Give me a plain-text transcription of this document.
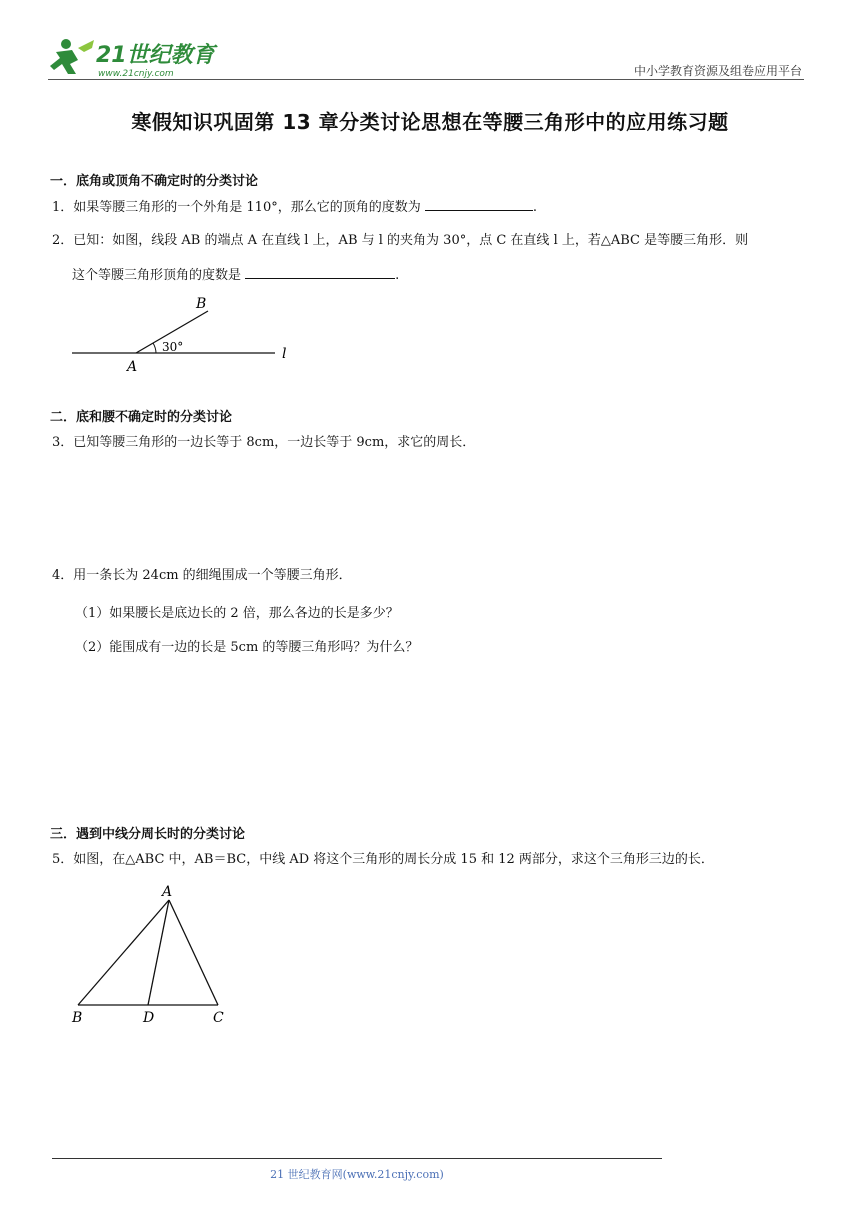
21世纪教育
www.21cnjy.com	中小学教育资源及组卷应用平台
寒假知识巩固第 13 章分类讨论思想在等腰三角形中的应用练习题
一．底角或顶角不确定时的分类讨论
1．如果等腰三角形的一个外角是 110°，那么它的顶角的度数为	.
2．已知：如图，线段 AB 的端点 A 在直线 l 上，AB 与 l 的夹角为 30°，点 C 在直线 l 上，若△ABC 是等腰三角形．则
这个等腰三角形顶角的度数是	.
B
A
l
30°
二．底和腰不确定时的分类讨论
3．已知等腰三角形的一边长等于 8cm，一边长等于 9cm，求它的周长．
4．用一条长为 24cm 的细绳围成一个等腰三角形．
（1）如果腰长是底边长的 2 倍，那么各边的长是多少？
（2）能围成有一边的长是 5cm 的等腰三角形吗？为什么？
三．遇到中线分周长时的分类讨论
5．如图，在△ABC 中，AB＝BC，中线 AD 将这个三角形的周长分成 15 和 12 两部分，求这个三角形三边的长．
A
B	D	C
21 世纪教育网(www.21cnjy.com)
